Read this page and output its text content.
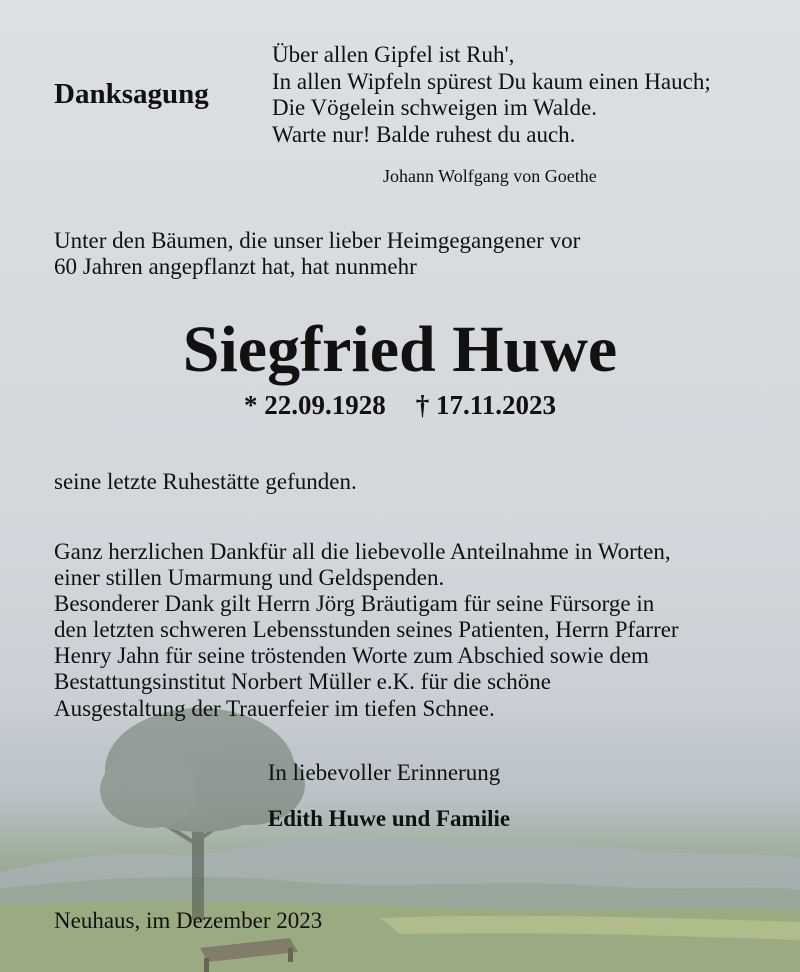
Danksagung
Über allen Gipfel ist Ruh',
In allen Wipfeln spürest Du kaum einen Hauch;
Die Vögelein schweigen im Walde.
Warte nur! Balde ruhest du auch.
Johann Wolfgang von Goethe
Unter den Bäumen, die unser lieber Heimgegangener vor
60 Jahren angepflanzt hat, hat nunmehr
Siegfried Huwe
* 22.09.1928 † 17.11.2023
seine letzte Ruhestätte gefunden.
Ganz herzlichen Dankfür all die liebevolle Anteilnahme in Worten,
einer stillen Umarmung und Geldspenden.
Besonderer Dank gilt Herrn Jörg Bräutigam für seine Fürsorge in
den letzten schweren Lebensstunden seines Patienten, Herrn Pfarrer
Henry Jahn für seine tröstenden Worte zum Abschied sowie dem
Bestattungsinstitut Norbert Müller e.K. für die schöne
Ausgestaltung der Trauerfeier im tiefen Schnee.
In liebevoller Erinnerung
Edith Huwe und Familie
Neuhaus, im Dezember 2023
